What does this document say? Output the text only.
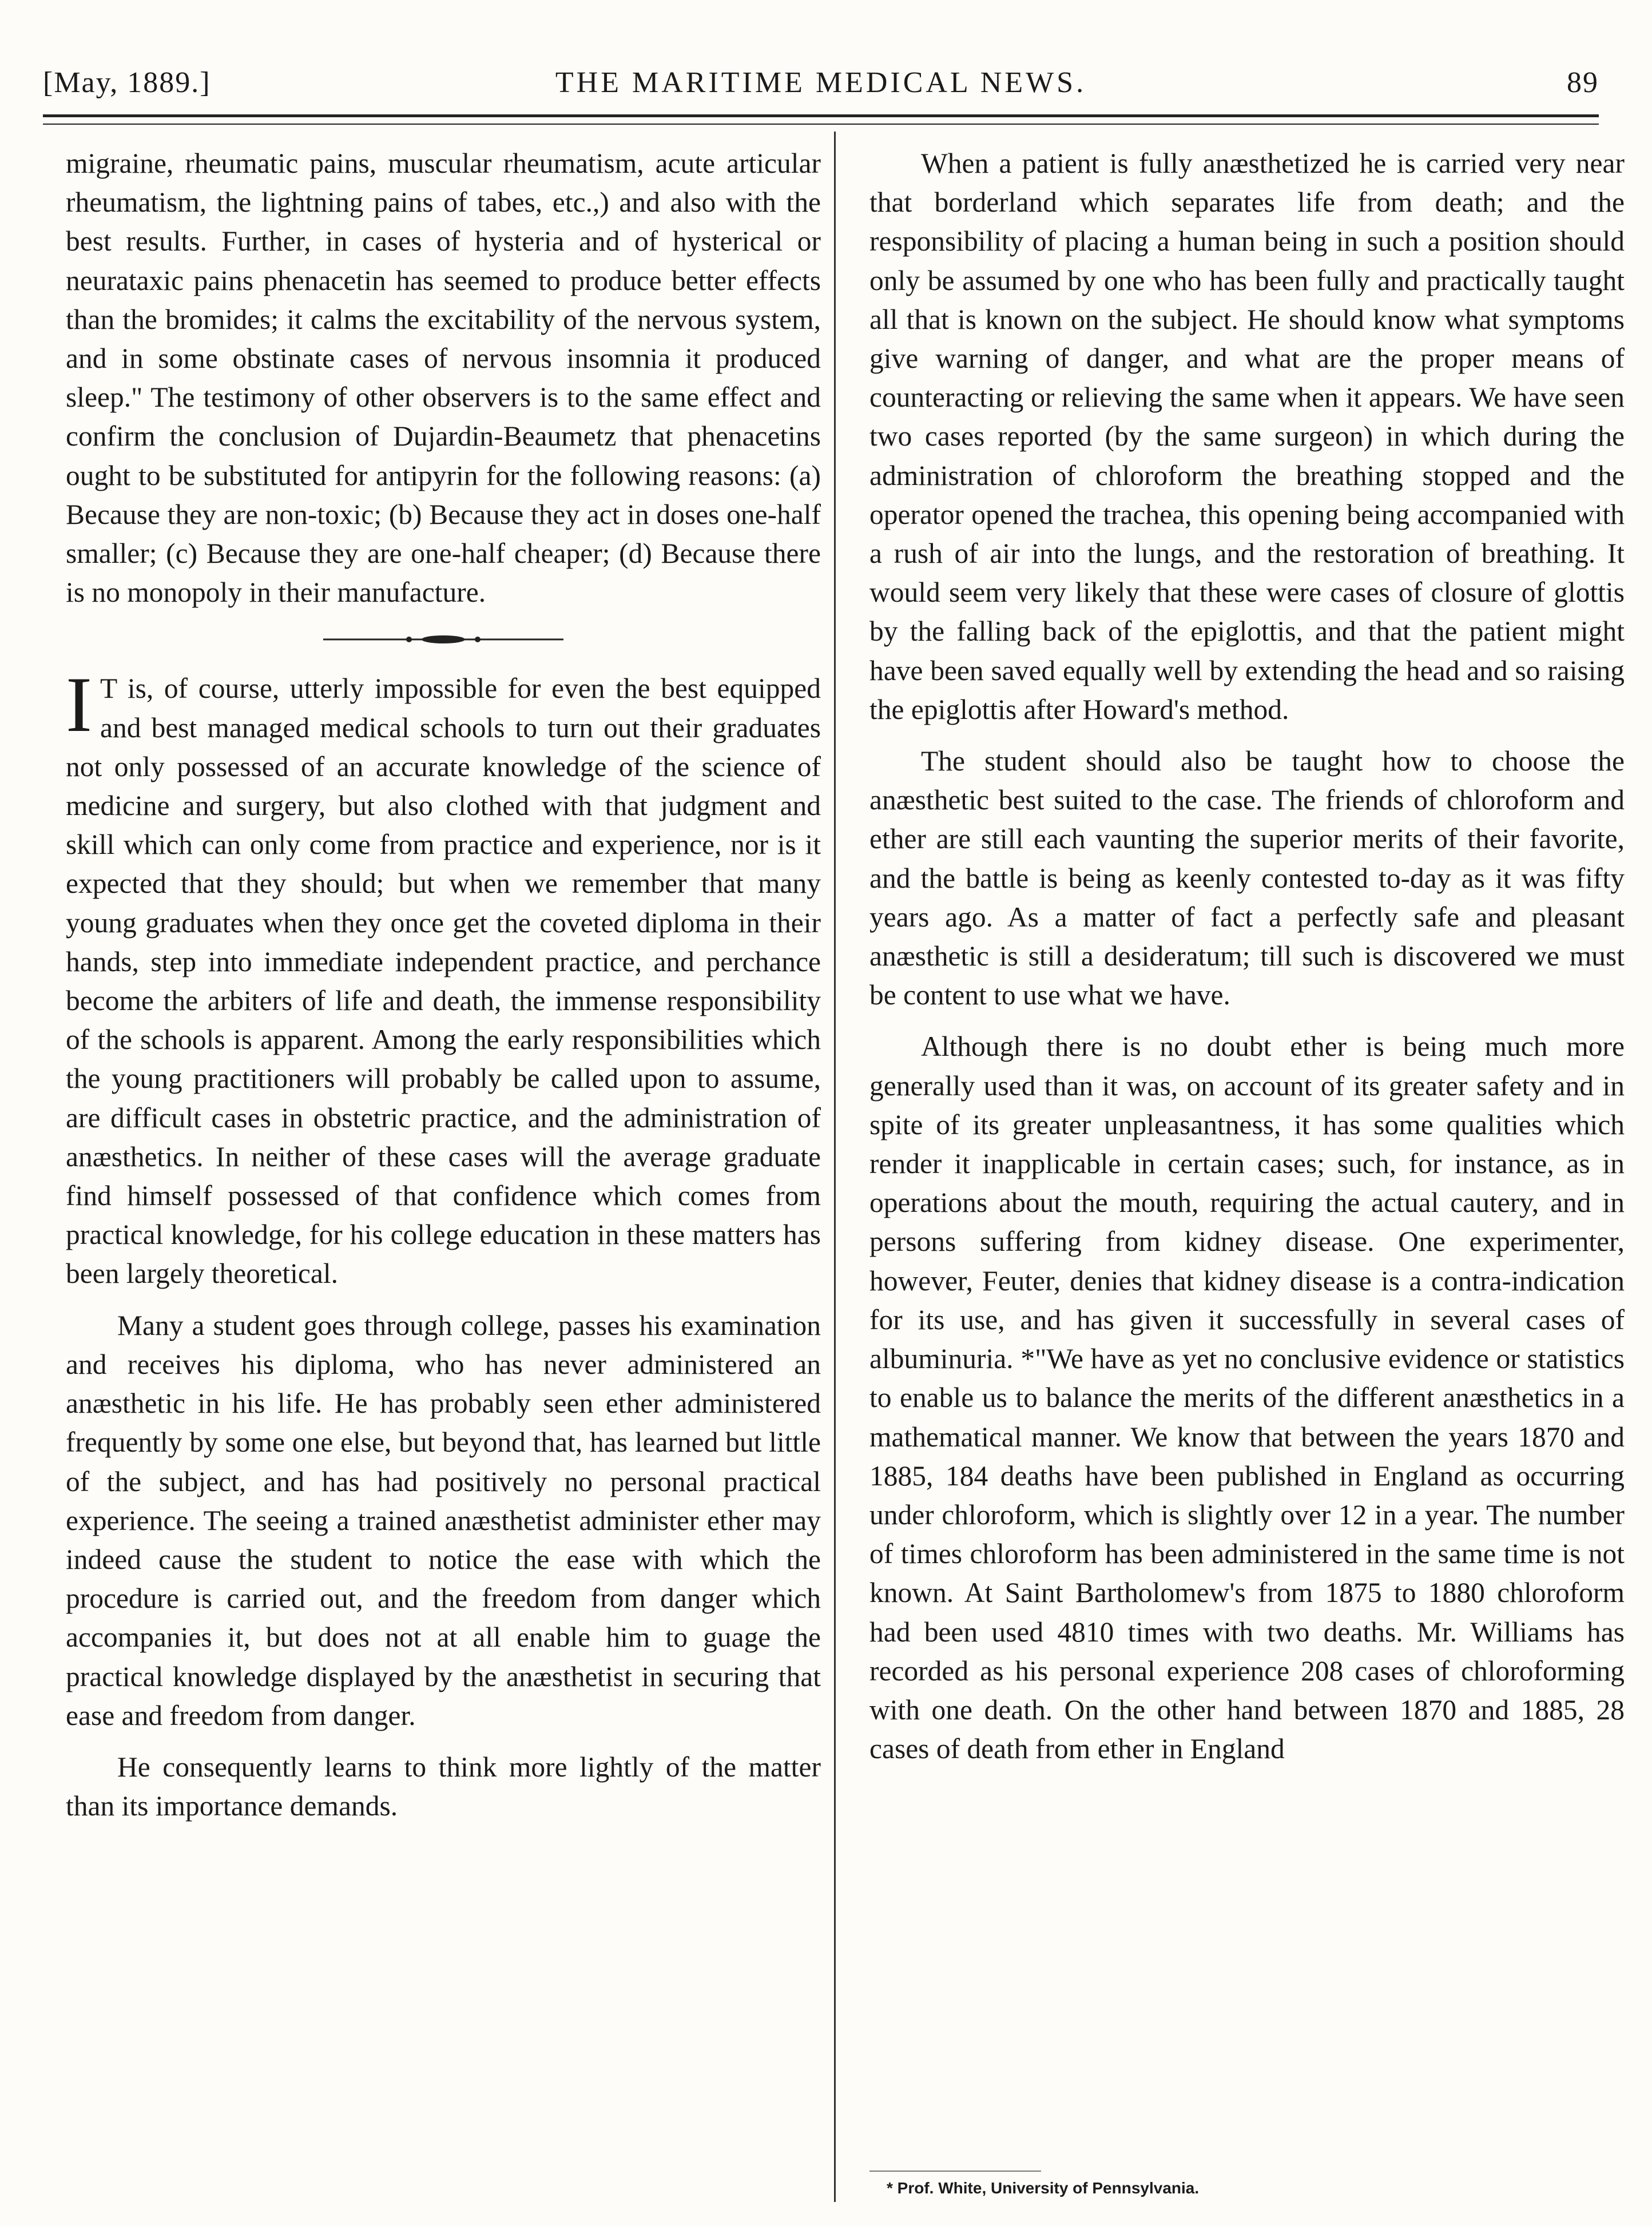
[May, 1889.]	THE MARITIME MEDICAL NEWS.	89

migraine, rheumatic pains, muscular rheumatism, acute articular rheumatism, the lightning pains of tabes, etc.,) and also with the best results. Further, in cases of hysteria and of hysterical or neurataxic pains phenacetin has seemed to produce better effects than the bromides; it calms the excitability of the nervous system, and in some obstinate cases of nervous insomnia it produced sleep." The testimony of other observers is to the same effect and confirm the conclusion of Dujardin-Beaumetz that phenacetins ought to be substituted for antipyrin for the following reasons: (a) Because they are non-toxic; (b) Because they act in doses one-half smaller; (c) Because they are one-half cheaper; (d) Because there is no monopoly in their manufacture.

IT is, of course, utterly impossible for even the best equipped and best managed medical schools to turn out their graduates not only possessed of an accurate knowledge of the science of medicine and surgery, but also clothed with that judgment and skill which can only come from practice and experience, nor is it expected that they should; but when we remember that many young graduates when they once get the coveted diploma in their hands, step into immediate independent practice, and perchance become the arbiters of life and death, the immense responsibility of the schools is apparent. Among the early responsibilities which the young practitioners will probably be called upon to assume, are difficult cases in obstetric practice, and the administration of anæsthetics. In neither of these cases will the average graduate find himself possessed of that confidence which comes from practical knowledge, for his college education in these matters has been largely theoretical.

Many a student goes through college, passes his examination and receives his diploma, who has never administered an anæsthetic in his life. He has probably seen ether administered frequently by some one else, but beyond that, has learned but little of the subject, and has had positively no personal practical experience. The seeing a trained anæsthetist administer ether may indeed cause the student to notice the ease with which the procedure is carried out, and the freedom from danger which accompanies it, but does not at all enable him to guage the practical knowledge displayed by the anæsthetist in securing that ease and freedom from danger.

He consequently learns to think more lightly of the matter than its importance demands.

When a patient is fully anæsthetized he is carried very near that borderland which separates life from death; and the responsibility of placing a human being in such a position should only be assumed by one who has been fully and practically taught all that is known on the subject. He should know what symptoms give warning of danger, and what are the proper means of counteracting or relieving the same when it appears. We have seen two cases reported (by the same surgeon) in which during the administration of chloroform the breathing stopped and the operator opened the trachea, this opening being accompanied with a rush of air into the lungs, and the restoration of breathing. It would seem very likely that these were cases of closure of glottis by the falling back of the epiglottis, and that the patient might have been saved equally well by extending the head and so raising the epiglottis after Howard's method.

The student should also be taught how to choose the anæsthetic best suited to the case. The friends of chloroform and ether are still each vaunting the superior merits of their favorite, and the battle is being as keenly contested to-day as it was fifty years ago. As a matter of fact a perfectly safe and pleasant anæsthetic is still a desideratum; till such is discovered we must be content to use what we have.

Although there is no doubt ether is being much more generally used than it was, on account of its greater safety and in spite of its greater unpleasantness, it has some qualities which render it inapplicable in certain cases; such, for instance, as in operations about the mouth, requiring the actual cautery, and in persons suffering from kidney disease. One experimenter, however, Feuter, denies that kidney disease is a contra-indication for its use, and has given it successfully in several cases of albuminuria. *"We have as yet no conclusive evidence or statistics to enable us to balance the merits of the different anæsthetics in a mathematical manner. We know that between the years 1870 and 1885, 184 deaths have been published in England as occurring under chloroform, which is slightly over 12 in a year. The number of times chloroform has been administered in the same time is not known. At Saint Bartholomew's from 1875 to 1880 chloroform had been used 4810 times with two deaths. Mr. Williams has recorded as his personal experience 208 cases of chloroforming with one death. On the other hand between 1870 and 1885, 28 cases of death from ether in England

* Prof. White, University of Pennsylvania.
